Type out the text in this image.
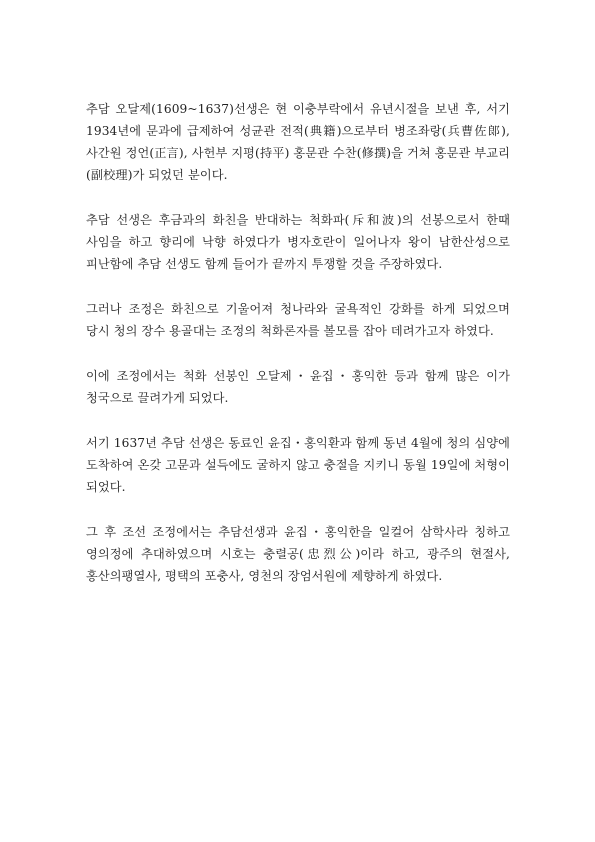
추담 오달제(1609~1637)선생은 현 이충부락에서 유년시절을 보낸 후, 서기 1934년에 문과에 급제하여 성균관 전적(典籍)으로부터 병조좌랑(兵曹佐郞), 사간원 정언(正言), 사헌부 지평(持平) 홍문관 수찬(修撰)을 거쳐 홍문관 부교리(副校理)가 되었던 분이다.

추담 선생은 후금과의 화친을 반대하는 척화파(斥和波)의 선봉으로서 한때 사임을 하고 향리에 낙향 하였다가 병자호란이 일어나자 왕이 남한산성으로 피난함에 추담 선생도 함께 들어가 끝까지 투쟁할 것을 주장하였다.

그러나 조정은 화친으로 기울어져 청나라와 굴욕적인 강화를 하게 되었으며 당시 청의 장수 용골대는 조정의 척화론자를 볼모를 잡아 데려가고자 하였다.

이에 조정에서는 척화 선봉인 오달제・윤집・홍익한 등과 함께 많은 이가 청국으로 끌려가게 되었다.

서기 1637년 추담 선생은 동료인 윤집・홍익환과 함께 동년 4월에 청의 심양에 도착하여 온갖 고문과 설득에도 굴하지 않고 충절을 지키니 동월 19일에 처형이 되었다.

그 후 조선 조정에서는 추담선생과 윤집・홍익한을 일컬어 삼학사라 칭하고 영의정에 추대하였으며 시호는 충렬공(忠烈公)이라 하고, 광주의 현절사, 홍산의팽열사, 평택의 포충사, 영천의 장엄서원에 제향하게 하였다.
